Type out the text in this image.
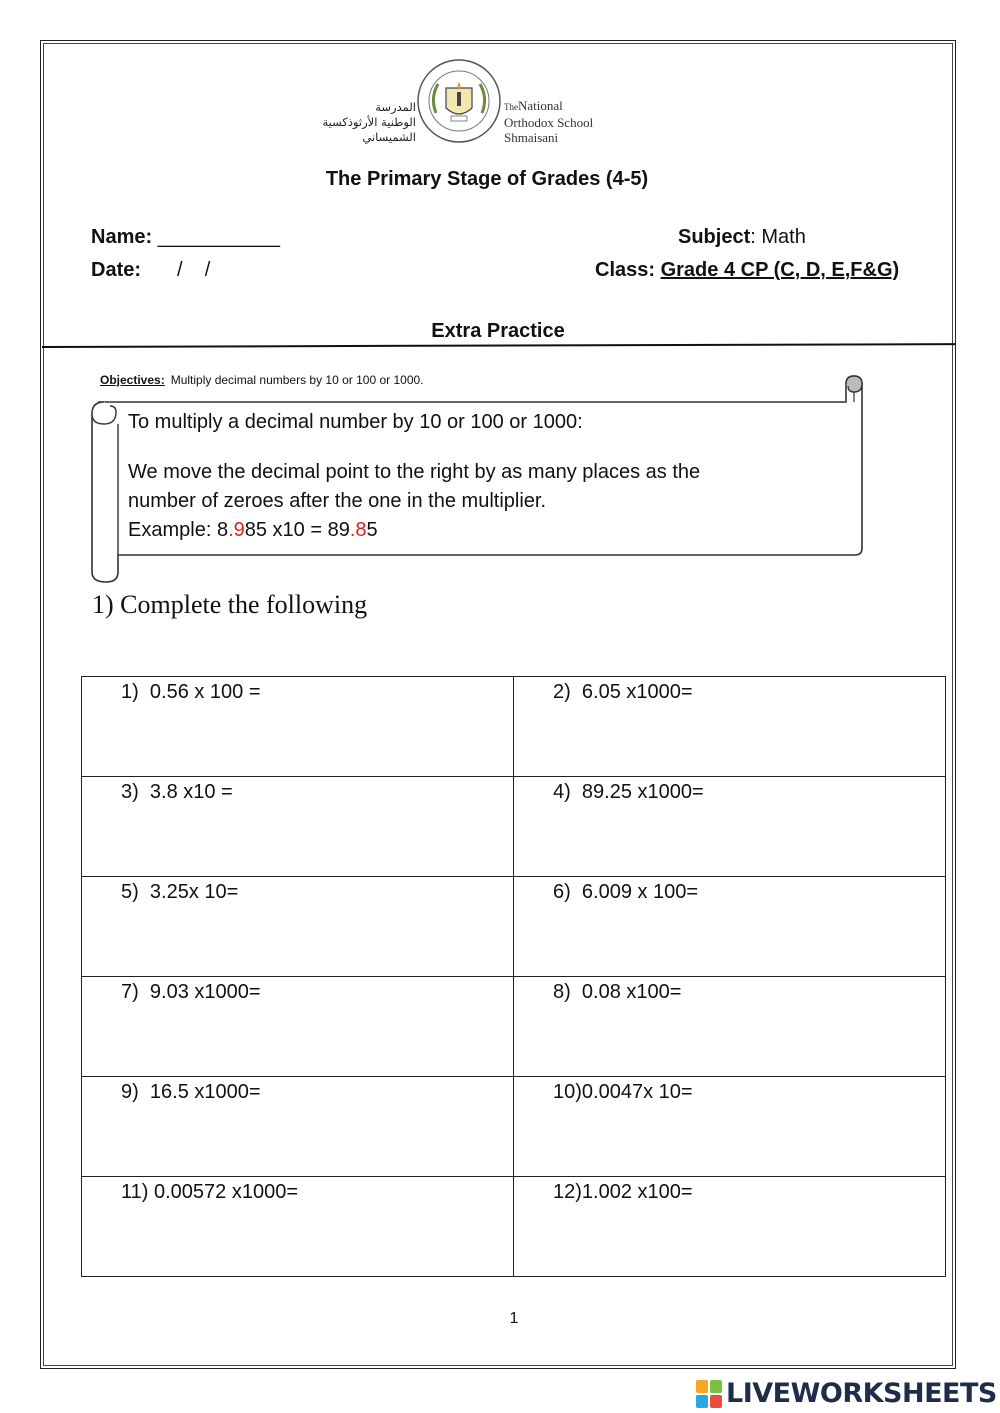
المدرسة
الوطنية الأرثوذكسية
الشميساني
TheNational
Orthodox School
Shmaisani
The Primary Stage of Grades (4-5)
Name: ___________
Date: /    /
Subject: Math
Class: Grade 4 CP (C, D, E,F&G)
Extra Practice
Objectives: Multiply decimal numbers by 10 or 100 or 1000.

To multiply a decimal number by 10 or 100 or 1000:

We move the decimal point to the right by as many places as the

number of zeroes after the one in the multiplier.

Example: 8.985 x10 = 89.85

1) Complete the following
1)  0.56 x 100 =	2)  6.05 x1000=
3)  3.8 x10 =	4)  89.25 x1000=
5)  3.25x 10=	6)  6.009 x 100=
7)  9.03 x1000=	8)  0.08 x100=
9)  16.5 x1000=	10)0.0047x 10=
11) 0.00572 x1000=	12)1.002 x100=
1
LIVEWORKSHEETS
